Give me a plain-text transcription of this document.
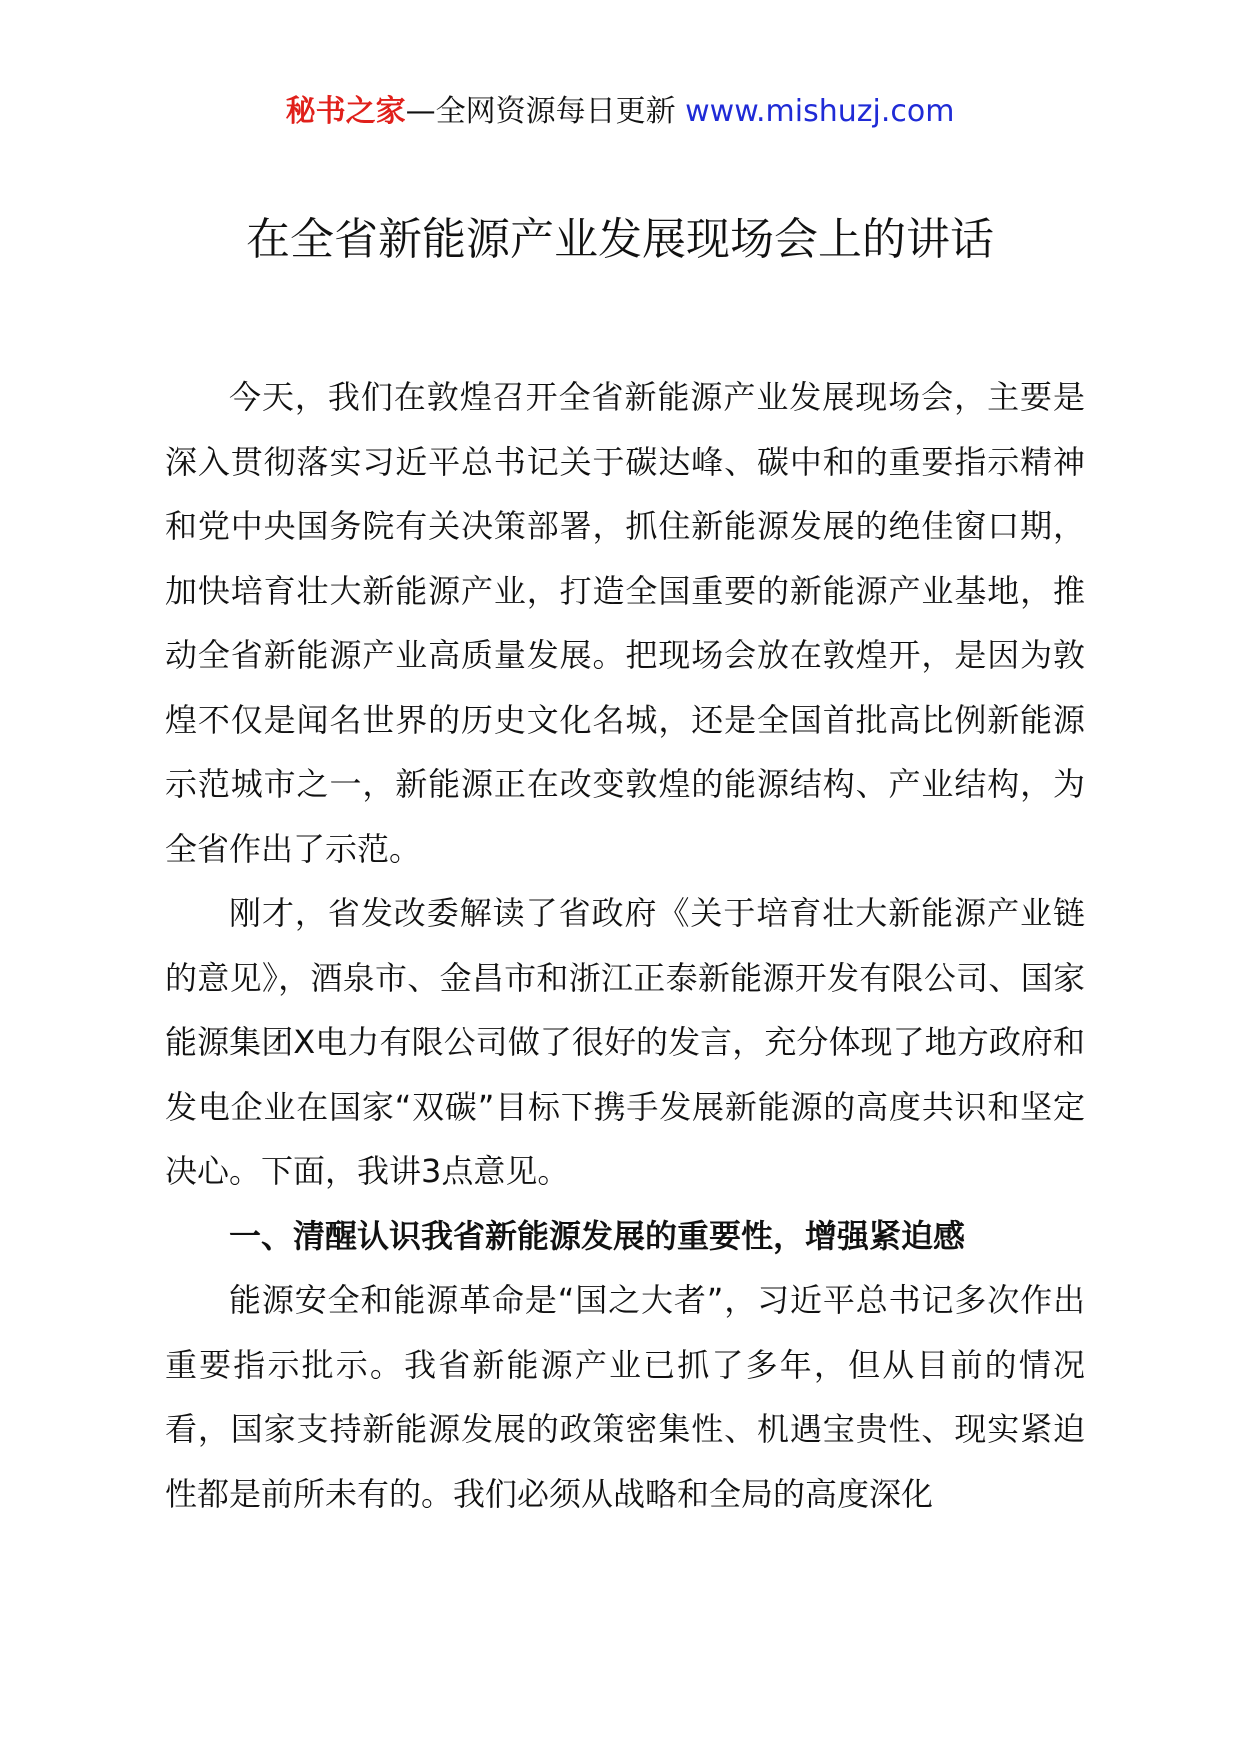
秘书之家—全网资源每日更新 www.mishuzj.com
在全省新能源产业发展现场会上的讲话

今天，我们在敦煌召开全省新能源产业发展现场会，主要是深入贯彻落实习近平总书记关于碳达峰、碳中和的重要指示精神和党中央国务院有关决策部署，抓住新能源发展的绝佳窗口期，加快培育壮大新能源产业，打造全国重要的新能源产业基地，推动全省新能源产业高质量发展。把现场会放在敦煌开，是因为敦煌不仅是闻名世界的历史文化名城，还是全国首批高比例新能源示范城市之一，新能源正在改变敦煌的能源结构、产业结构，为全省作出了示范。

刚才，省发改委解读了省政府《关于培育壮大新能源产业链的意见》，酒泉市、金昌市和浙江正泰新能源开发有限公司、国家能源集团X电力有限公司做了很好的发言，充分体现了地方政府和发电企业在国家“双碳”目标下携手发展新能源的高度共识和坚定决心。下面，我讲3点意见。

一、清醒认识我省新能源发展的重要性，增强紧迫感

能源安全和能源革命是“国之大者”，习近平总书记多次作出重要指示批示。我省新能源产业已抓了多年，但从目前的情况看，国家支持新能源发展的政策密集性、机遇宝贵性、现实紧迫性都是前所未有的。我们必须从战略和全局的高度深化
